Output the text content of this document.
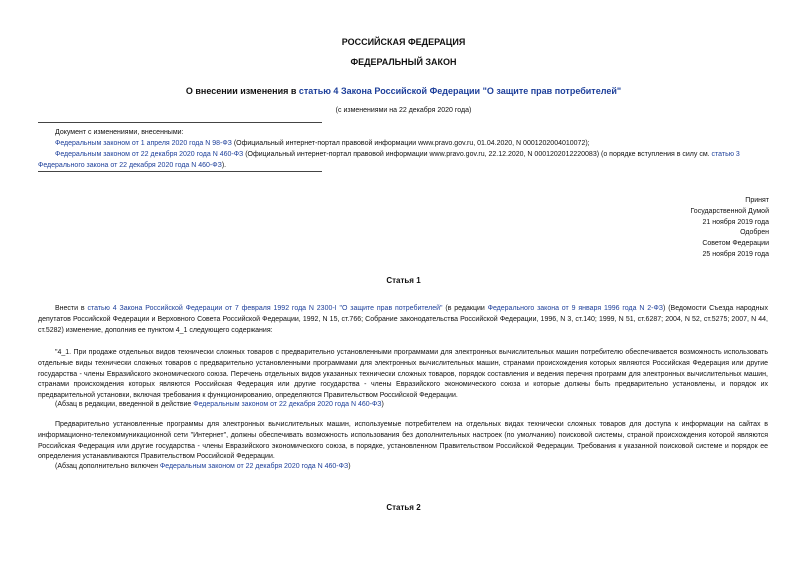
РОССИЙСКАЯ ФЕДЕРАЦИЯ
ФЕДЕРАЛЬНЫЙ ЗАКОН
О внесении изменения в статью 4 Закона Российской Федерации "О защите прав потребителей"
(с изменениями на 22 декабря 2020 года)

Документ с изменениями, внесенными:

Федеральным законом от 1 апреля 2020 года N 98-ФЗ (Официальный интернет-портал правовой информации www.pravo.gov.ru, 01.04.2020, N 0001202004010072);

Федеральным законом от 22 декабря 2020 года N 460-ФЗ (Официальный интернет-портал правовой информации www.pravo.gov.ru, 22.12.2020, N 0001202012220083) (о порядке вступления в силу см. статью 3 Федерального закона от 22 декабря 2020 года N 460-ФЗ).

Принят
Государственной Думой
21 ноября 2019 года
Одобрен
Советом Федерации
25 ноября 2019 года
Статья 1

Внести в статью 4 Закона Российской Федерации от 7 февраля 1992 года N 2300-I "О защите прав потребителей" (в редакции Федерального закона от 9 января 1996 года N 2-ФЗ) (Ведомости Съезда народных депутатов Российской Федерации и Верховного Совета Российской Федерации, 1992, N 15, ст.766; Собрание законодательства Российской Федерации, 1996, N 3, ст.140; 1999, N 51, ст.6287; 2004, N 52, ст.5275; 2007, N 44, ст.5282) изменение, дополнив ее пунктом 4_1 следующего содержания:

"4_1. При продаже отдельных видов технически сложных товаров с предварительно установленными программами для электронных вычислительных машин потребителю обеспечивается возможность использовать отдельные виды технически сложных товаров с предварительно установленными программами для электронных вычислительных машин, странами происхождения которых являются Российская Федерация или другие государства - члены Евразийского экономического союза. Перечень отдельных видов указанных технически сложных товаров, порядок составления и ведения перечня программ для электронных вычислительных машин, странами происхождения которых являются Российская Федерация или другие государства - члены Евразийского экономического союза и которые должны быть предварительно установлены, и порядок их предварительной установки, включая требования к функционированию, определяются Правительством Российской Федерации.

(Абзац в редакции, введенной в действие Федеральным законом от 22 декабря 2020 года N 460-ФЗ)

Предварительно установленные программы для электронных вычислительных машин, используемые потребителем на отдельных видах технически сложных товаров для доступа к информации на сайтах в информационно-телекоммуникационной сети "Интернет", должны обеспечивать возможность использования без дополнительных настроек (по умолчанию) поисковой системы, страной происхождения которой являются Российская Федерация или другие государства - члены Евразийского экономического союза, в порядке, установленном Правительством Российской Федерации. Требования к указанной поисковой системе и порядок ее определения устанавливаются Правительством Российской Федерации.

(Абзац дополнительно включен Федеральным законом от 22 декабря 2020 года N 460-ФЗ)
Статья 2
